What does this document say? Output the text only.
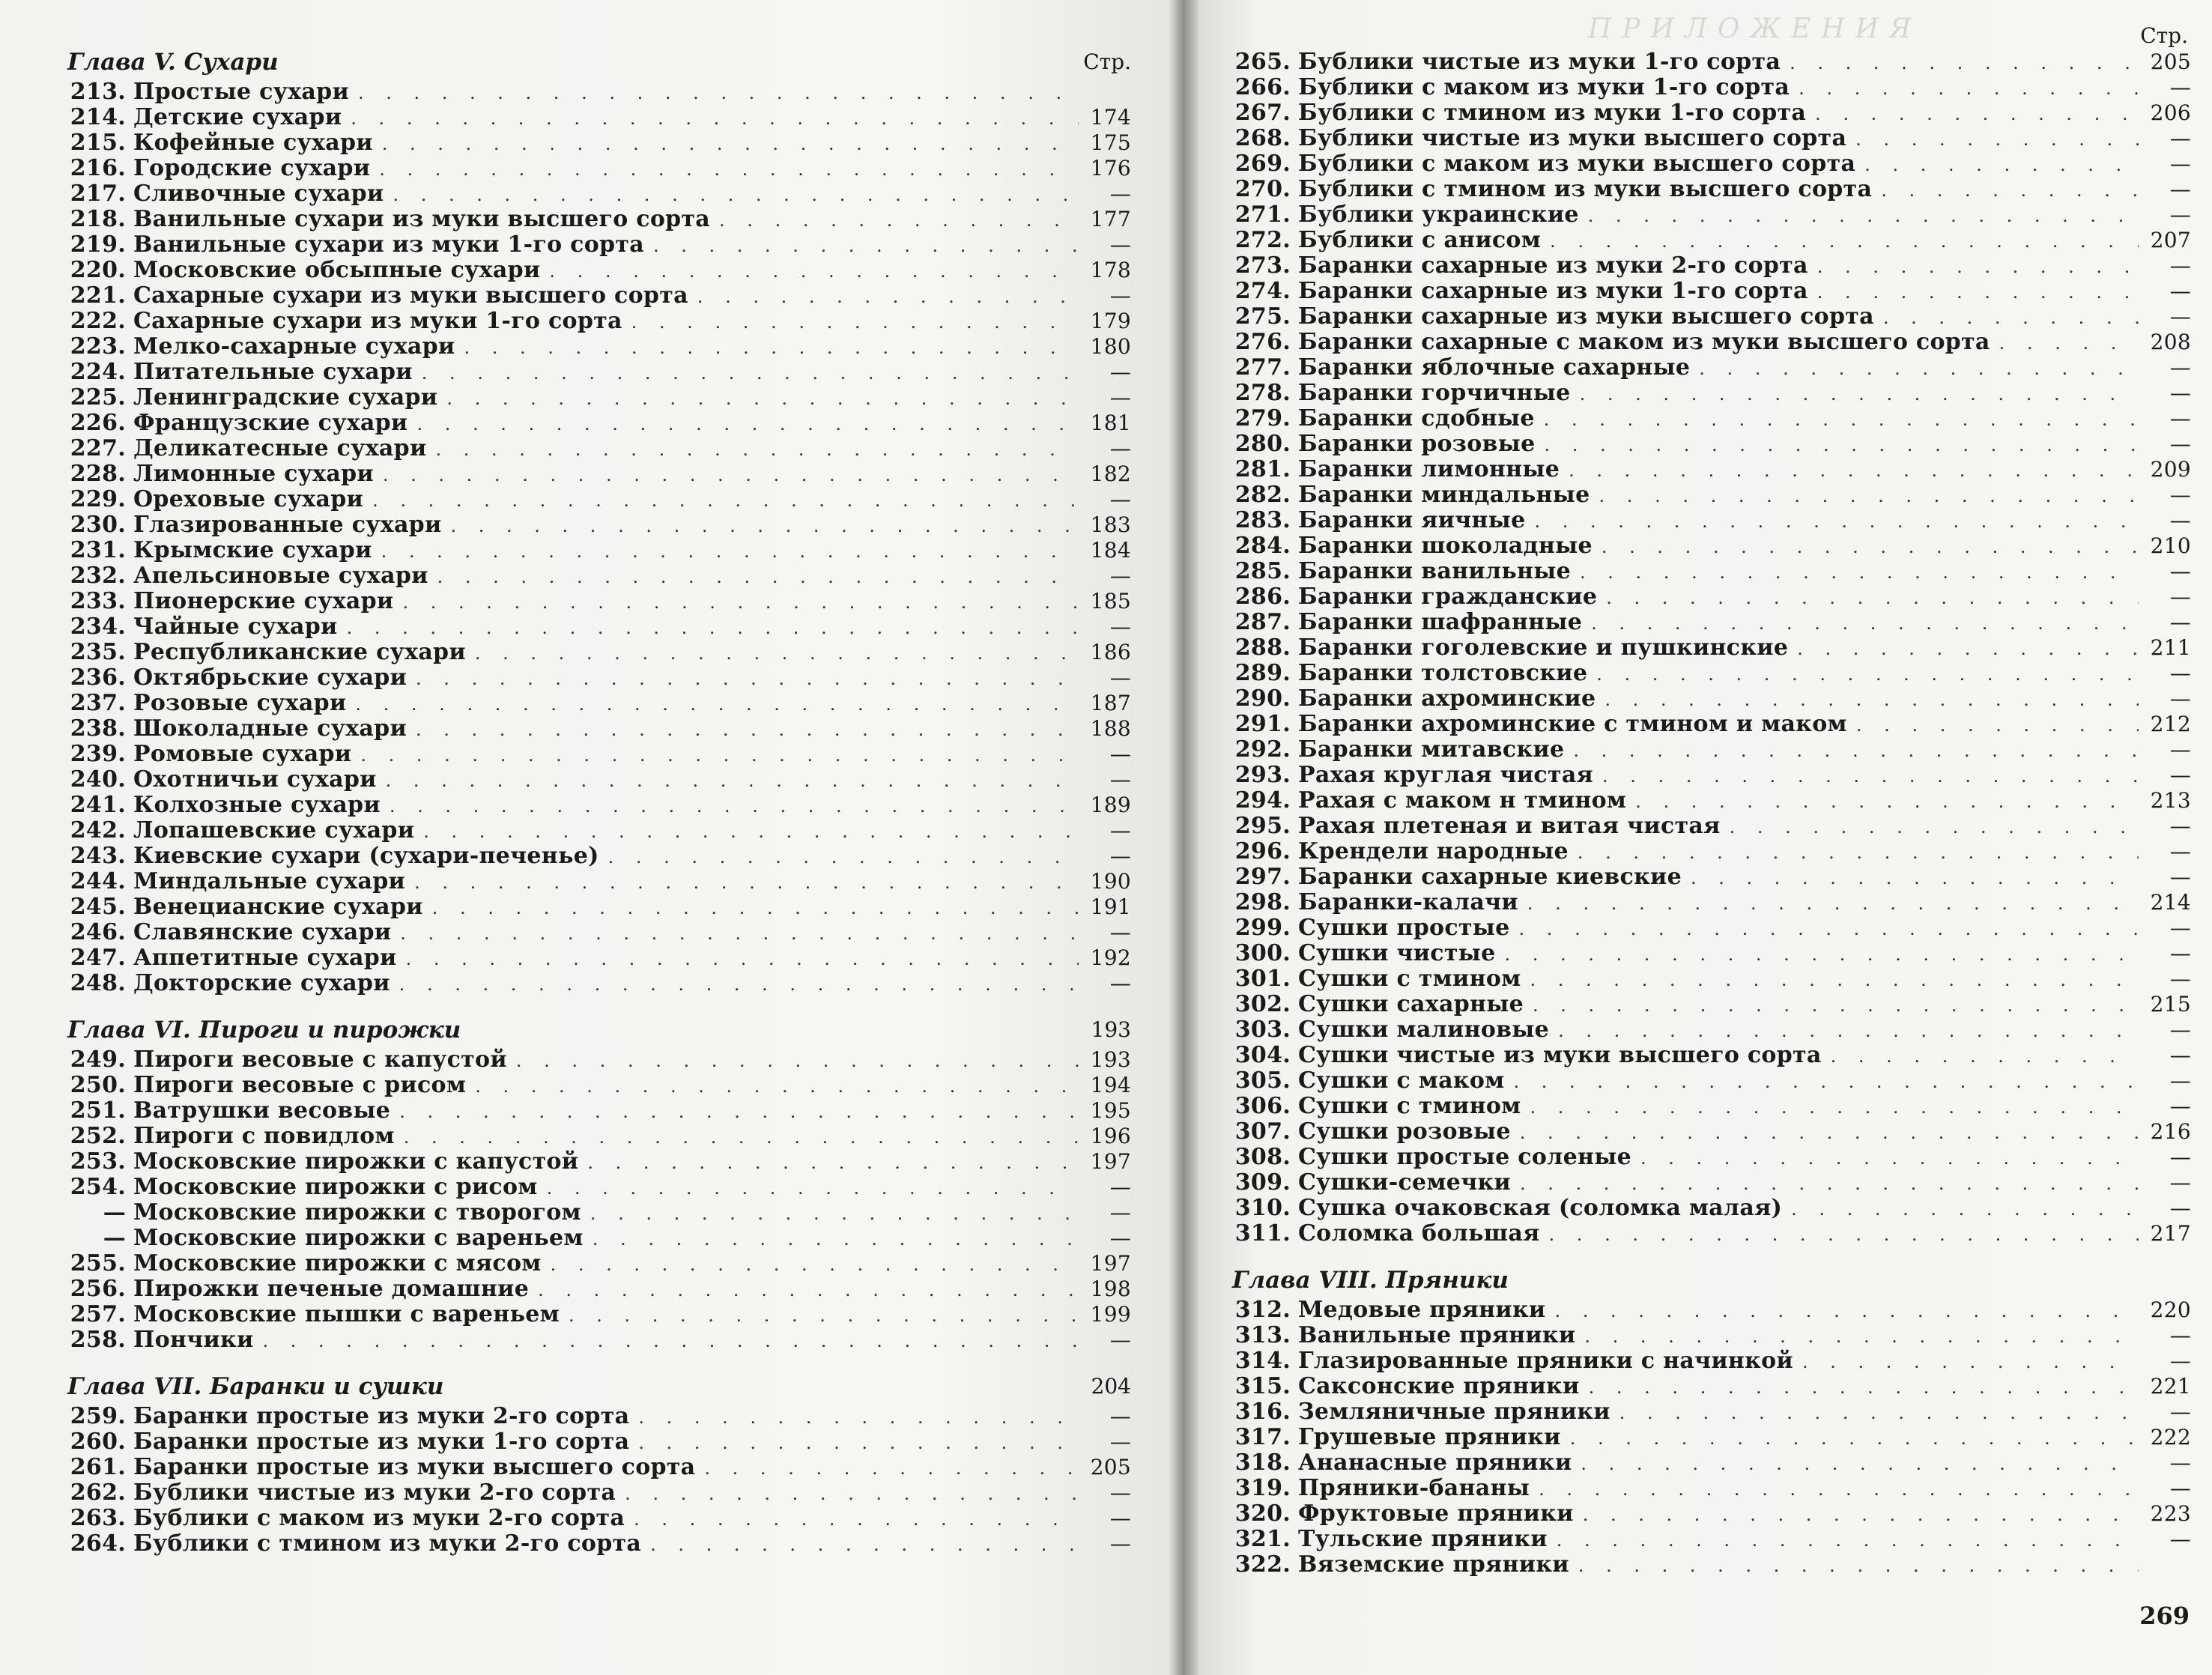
Глава V. Сухари	Стр.
213. Простые сухари
. . .
214. Детские сухари . . .	174
215. Кофейные сухари . . .	175
216. Городские сухари . . .	176
217. Сливочные сухари . . .	—
218. Ванильные сухари из муки высшего сорта . . .	177
219. Ванильные сухари из муки 1-го сорта . . .	—
220. Московские обсыпные сухари . . .	178
221. Сахарные сухари из муки высшего сорта . . .	—
222. Сахарные сухари из муки 1-го сорта . . .	179
223. Мелко-сахарные сухари . . .	180
224. Питательные сухари . . .	—
225. Ленинградские сухари . . .	—
226. Французские сухари . . .	181
227. Деликатесные сухари . . .	—
228. Лимонные сухари . . .	182
229. Ореховые сухари . . .	—
230. Глазированные сухари . . .	183
231. Крымские сухари . . .	184
232. Апельсиновые сухари . . .	—
233. Пионерские сухари . . .	185
234. Чайные сухари . . .	—
235. Республиканские сухари . . .	186
236. Октябрьские сухари . . .	—
237. Розовые сухари . . .	187
238. Шоколадные сухари . . .	188
239. Ромовые сухари . . .	—
240. Охотничьи сухари . . .	—
241. Колхозные сухари . . .	189
242. Лопашевские сухари . . .	—
243. Киевские сухари (сухари-печенье) . . .	—
244. Миндальные сухари . . .	190
245. Венецианские сухари . . .	191
246. Славянские сухари . . .	—
247. Аппетитные сухари . . .	192
248. Докторские сухари . . .	—
Глава VI. Пироги и пирожки	193
249. Пироги весовые с капустой . . .	193
250. Пироги весовые с рисом . . .	194
251. Ватрушки весовые . . .	195
252. Пироги с повидлом . . .	196
253. Московские пирожки с капустой . . .	197
254. Московские пирожки с рисом . . .	—
— Московские пирожки с творогом . . .	—
— Московские пирожки с вареньем . . .	—
255. Московские пирожки с мясом . . .	197
256. Пирожки печеные домашние . . .	198
257. Московские пышки с вареньем . . .	199
258. Пончики . . .	—
Глава VII. Баранки и сушки	204
259. Баранки простые из муки 2-го сорта . . .	—
260. Баранки простые из муки 1-го сорта . . .	—
261. Баранки простые из муки высшего сорта . . .	205
262. Бублики чистые из муки 2-го сорта . . .	—
263. Бублики с маком из муки 2-го сорта . . .	—
264. Бублики с тмином из муки 2-го сорта . . .	—
ПРИЛОЖЕНИЯ	Стр.
265. Бублики чистые из муки 1-го сорта . . .	205
266. Бублики с маком из муки 1-го сорта . . .	—
267. Бублики с тмином из муки 1-го сорта . . .	206
268. Бублики чистые из муки высшего сорта . . .	—
269. Бублики с маком из муки высшего сорта . . .	—
270. Бублики с тмином из муки высшего сорта . . .	—
271. Бублики украинские . . .	—
272. Бублики с анисом . . .	207
273. Баранки сахарные из муки 2-го сорта . . .	—
274. Баранки сахарные из муки 1-го сорта . . .	—
275. Баранки сахарные из муки высшего сорта . . .	—
276. Баранки сахарные с маком из муки высшего сорта . . .	208
277. Баранки яблочные сахарные . . .	—
278. Баранки горчичные . . .	—
279. Баранки сдобные . . .	—
280. Баранки розовые . . .	—
281. Баранки лимонные . . .	209
282. Баранки миндальные . . .	—
283. Баранки яичные . . .	—
284. Баранки шоколадные . . .	210
285. Баранки ванильные . . .	—
286. Баранки гражданские . . .	—
287. Баранки шафранные . . .	—
288. Баранки гоголевские и пушкинские . . .	211
289. Баранки толстовские . . .	—
290. Баранки ахроминские . . .	—
291. Баранки ахроминские с тмином и маком . . .	212
292. Баранки митавские . . .	—
293. Рахая круглая чистая . . .	—
294. Рахая с маком н тмином . . .	213
295. Рахая плетеная и витая чистая . . .	—
296. Крендели народные . . .	—
297. Баранки сахарные киевские . . .	—
298. Баранки-калачи . . .	214
299. Сушки простые . . .	—
300. Сушки чистые . . .	—
301. Сушки с тмином . . .	—
302. Сушки сахарные . . .	215
303. Сушки малиновые . . .	—
304. Сушки чистые из муки высшего сорта . . .	—
305. Сушки с маком . . .	—
306. Сушки с тмином . . .	—
307. Сушки розовые . . .	216
308. Сушки простые соленые . . .	—
309. Сушки-семечки . . .	—
310. Сушка очаковская (соломка малая) . . .	—
311. Соломка большая . . .	217
Глава VIII. Пряники
312. Медовые пряники . . .	220
313. Ванильные пряники . . .	—
314. Глазированные пряники с начинкой . . .	—
315. Саксонские пряники . . .	221
316. Земляничные пряники . . .	—
317. Грушевые пряники . . .	222
318. Ананасные пряники . . .	—
319. Пряники-бананы . . .	—
320. Фруктовые пряники . . .	223
321. Тульские пряники . . .	—
322. Вяземские пряники
. . .
269
